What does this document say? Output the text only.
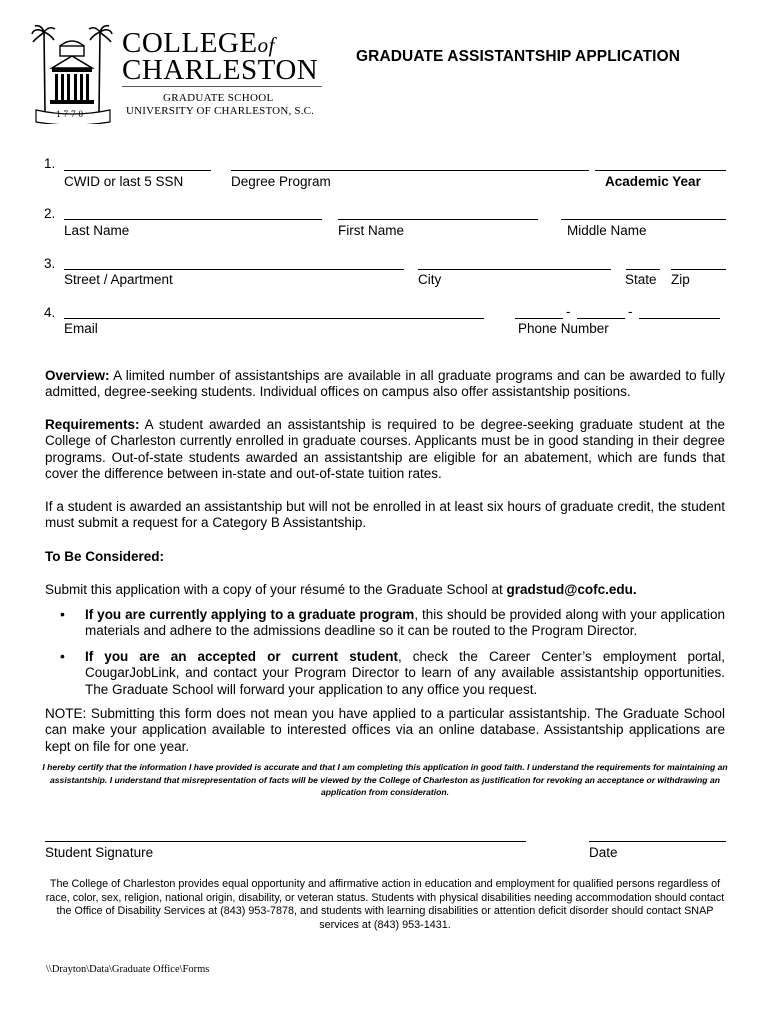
1770
COLLEGEof
CHARLESTON
GRADUATE SCHOOL
UNIVERSITY OF CHARLESTON, S.C.
GRADUATE ASSISTANTSHIP APPLICATION
1.
CWID or last 5 SSN	Degree Program	Academic Year
2.
Last Name	First Name	Middle Name
3.
Street / Apartment	City	State Zip
4.	-	-
Email	Phone Number

Overview: A limited number of assistantships are available in all graduate programs and can be awarded to fully admitted, degree-seeking students. Individual offices on campus also offer assistantship positions.

Requirements: A student awarded an assistantship is required to be degree-seeking graduate student at the College of Charleston currently enrolled in graduate courses. Applicants must be in good standing in their degree programs. Out-of-state students awarded an assistantship are eligible for an abatement, which are funds that cover the difference between in-state and out-of-state tuition rates.

If a student is awarded an assistantship but will not be enrolled in at least six hours of graduate credit, the student must submit a request for a Category B Assistantship.

To Be Considered:

Submit this application with a copy of your résumé to the Graduate School at gradstud@cofc.edu.

• If you are currently applying to a graduate program, this should be provided along with your application materials and adhere to the admissions deadline so it can be routed to the Program Director.

• If you are an accepted or current student, check the Career Center’s employment portal, CougarJobLink, and contact your Program Director to learn of any available assistantship opportunities. The Graduate School will forward your application to any office you request.

NOTE: Submitting this form does not mean you have applied to a particular assistantship. The Graduate School can make your application available to interested offices via an online database. Assistantship applications are kept on file for one year.

I hereby certify that the information I have provided is accurate and that I am completing this application in good faith. I understand the requirements for maintaining an assistantship. I understand that misrepresentation of facts will be viewed by the College of Charleston as justification for revoking an acceptance or withdrawing an application from consideration.

Student Signature	Date

The College of Charleston provides equal opportunity and affirmative action in education and employment for qualified persons regardless of race, color, sex, religion, national origin, disability, or veteran status. Students with physical disabilities needing accommodation should contact the Office of Disability Services at (843) 953-7878, and students with learning disabilities or attention deficit disorder should contact SNAP services at (843) 953-1431.

\\Drayton\Data\Graduate Office\Forms
